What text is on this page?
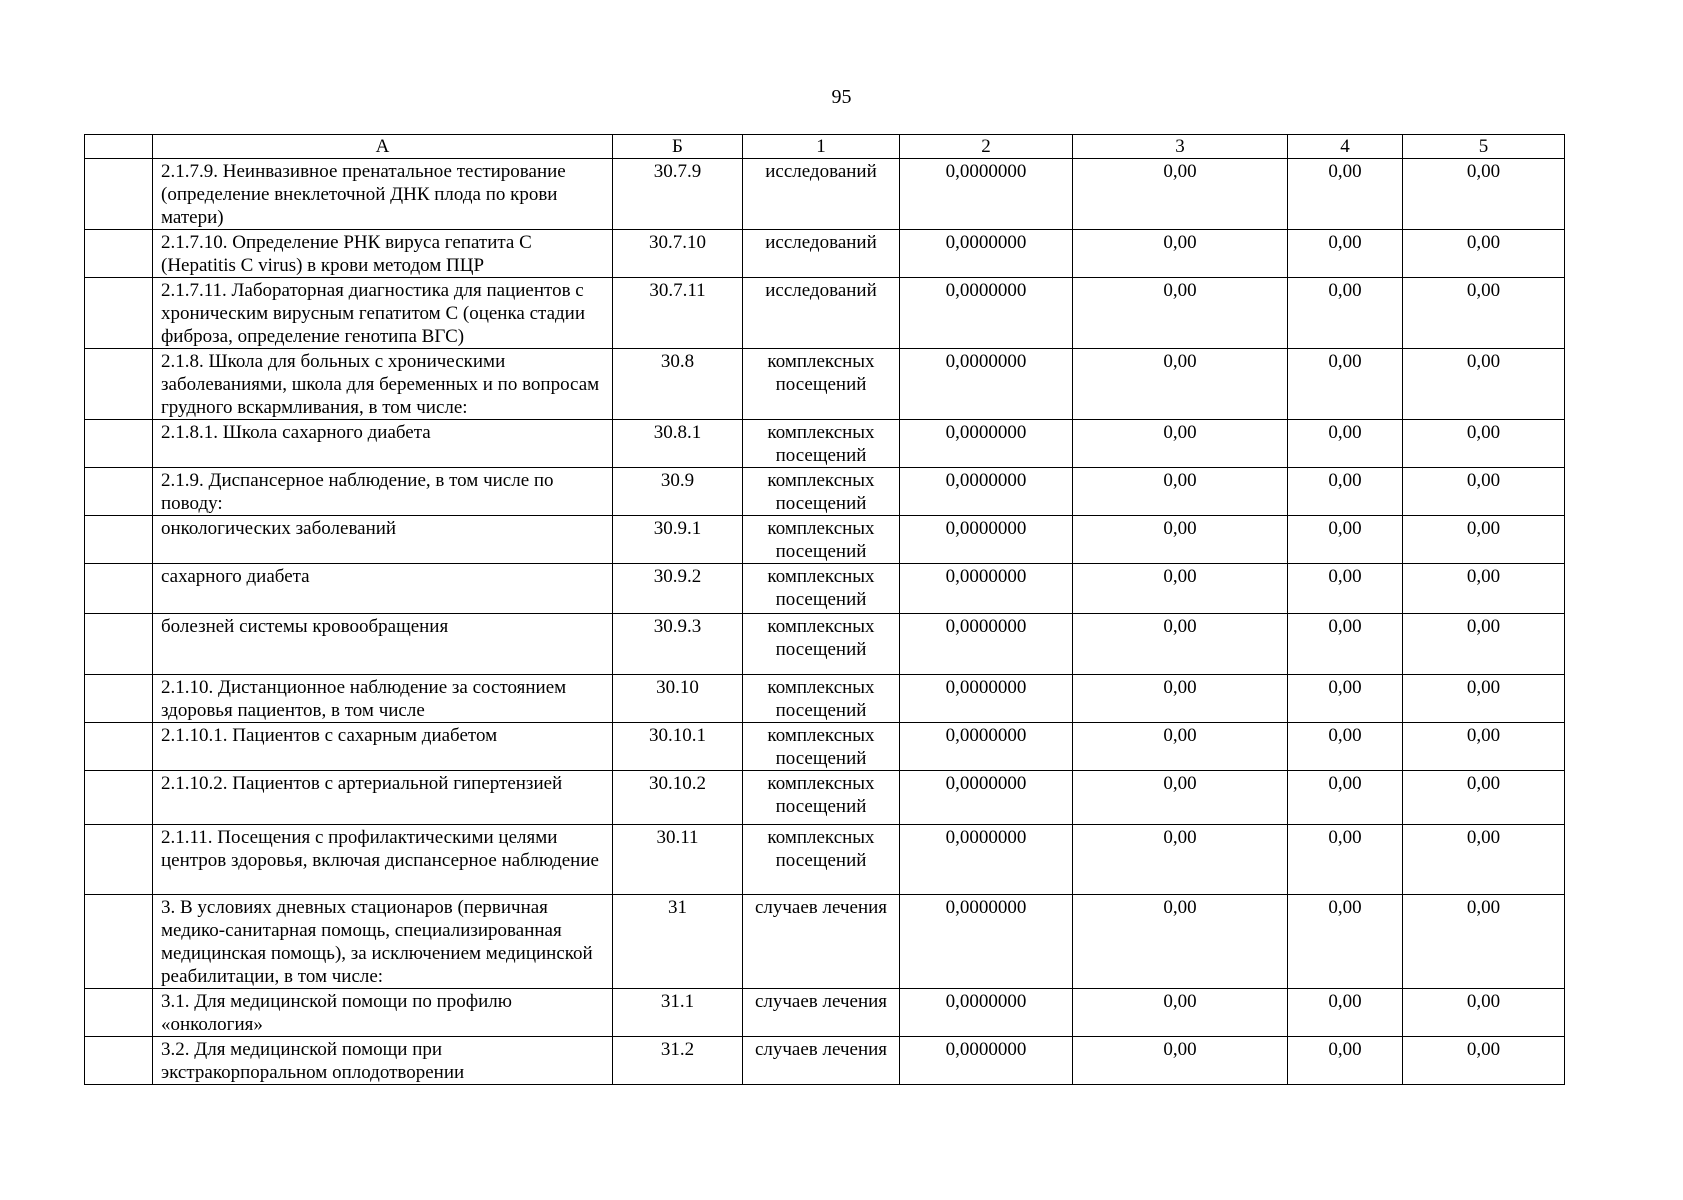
95
	А	Б	1	2	3	4	5
	2.1.7.9. Неинвазивное пренатальное тестирование (определение внеклеточной ДНК плода по крови матери)	30.7.9	исследований	0,0000000	0,00	0,00	0,00
	2.1.7.10. Определение РНК вируса гепатита С (Hepatitis С virus) в крови методом ПЦР	30.7.10	исследований	0,0000000	0,00	0,00	0,00
	2.1.7.11. Лабораторная диагностика для пациентов с хроническим вирусным гепатитом С (оценка стадии фиброза, определение генотипа ВГС)	30.7.11	исследований	0,0000000	0,00	0,00	0,00
	2.1.8. Школа для больных с хроническими заболеваниями, школа для беременных и по вопросам грудного вскармливания, в том числе:	30.8	комплексных посещений	0,0000000	0,00	0,00	0,00
	2.1.8.1. Школа сахарного диабета	30.8.1	комплексных посещений	0,0000000	0,00	0,00	0,00
	2.1.9. Диспансерное наблюдение, в том числе по поводу:	30.9	комплексных посещений	0,0000000	0,00	0,00	0,00
	онкологических заболеваний	30.9.1	комплексных посещений	0,0000000	0,00	0,00	0,00
	сахарного диабета	30.9.2	комплексных посещений	0,0000000	0,00	0,00	0,00
	болезней системы кровообращения	30.9.3	комплексных посещений	0,0000000	0,00	0,00	0,00
	2.1.10. Дистанционное наблюдение за состоянием здоровья пациентов, в том числе	30.10	комплексных посещений	0,0000000	0,00	0,00	0,00
	2.1.10.1. Пациентов с сахарным диабетом	30.10.1	комплексных посещений	0,0000000	0,00	0,00	0,00
	2.1.10.2. Пациентов с артериальной гипертензией	30.10.2	комплексных посещений	0,0000000	0,00	0,00	0,00
	2.1.11. Посещения с профилактическими целями центров здоровья, включая диспансерное наблюдение	30.11	комплексных посещений	0,0000000	0,00	0,00	0,00
	3. В условиях дневных стационаров (первичная медико-санитарная помощь, специализированная медицинская помощь), за исключением медицинской реабилитации, в том числе:	31	случаев лечения	0,0000000	0,00	0,00	0,00
	3.1. Для медицинской помощи по профилю «онкология»	31.1	случаев лечения	0,0000000	0,00	0,00	0,00
	3.2. Для медицинской помощи при экстракорпоральном оплодотворении	31.2	случаев лечения	0,0000000	0,00	0,00	0,00
